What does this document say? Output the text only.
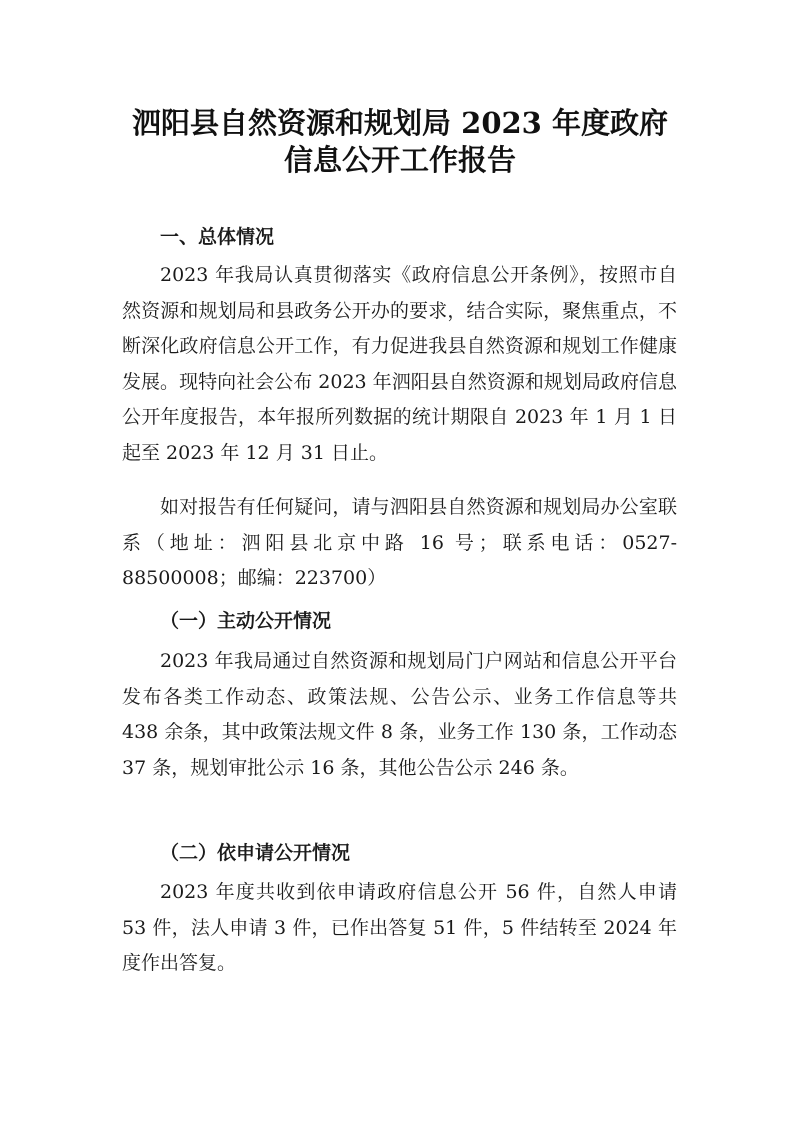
泗阳县自然资源和规划局 2023 年度政府
信息公开工作报告
一、总体情况

2023 年我局认真贯彻落实《政府信息公开条例》，按照市自然资源和规划局和县政务公开办的要求，结合实际，聚焦重点，不断深化政府信息公开工作，有力促进我县自然资源和规划工作健康发展。现特向社会公布 2023 年泗阳县自然资源和规划局政府信息公开年度报告，本年报所列数据的统计期限自 2023 年 1 月 1 日起至 2023 年 12 月 31 日止。

如对报告有任何疑问，请与泗阳县自然资源和规划局办公室联系（地址：泗阳县北京中路 16 号；联系电话：0527-88500008；邮编：223700）

（一）主动公开情况

2023 年我局通过自然资源和规划局门户网站和信息公开平台发布各类工作动态、政策法规、公告公示、业务工作信息等共 438 余条，其中政策法规文件 8 条，业务工作 130 条，工作动态 37 条，规划审批公示 16 条，其他公告公示 246 条。

（二）依申请公开情况

2023 年度共收到依申请政府信息公开 56 件，自然人申请 53 件，法人申请 3 件，已作出答复 51 件，5 件结转至 2024 年度作出答复。
